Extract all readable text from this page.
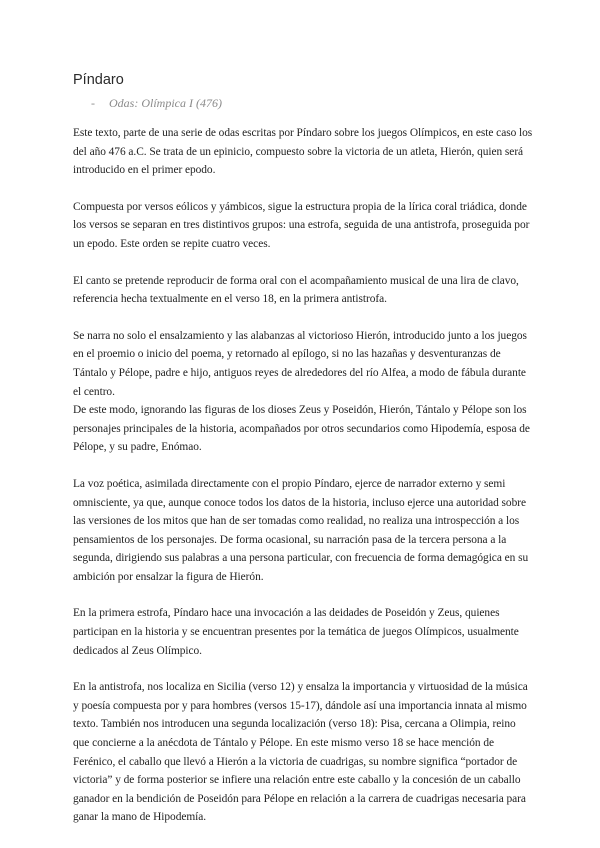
Píndaro
- Odas: Olímpica I (476)

Este texto, parte de una serie de odas escritas por Píndaro sobre los juegos Olímpicos, en este caso los del año 476 a.C. Se trata de un epinicio, compuesto sobre la victoria de un atleta, Hierón, quien será introducido en el primer epodo.

Compuesta por versos eólicos y yámbicos, sigue la estructura propia de la lírica coral triádica, donde los versos se separan en tres distintivos grupos: una estrofa, seguida de una antistrofa, proseguida por un epodo. Este orden se repite cuatro veces.

El canto se pretende reproducir de forma oral con el acompañamiento musical de una lira de clavo, referencia hecha textualmente en el verso 18, en la primera antistrofa.

Se narra no solo el ensalzamiento y las alabanzas al victorioso Hierón, introducido junto a los juegos en el proemio o inicio del poema, y retornado al epílogo, si no las hazañas y desventuranzas de Tántalo y Pélope, padre e hijo, antiguos reyes de alrededores del río Alfea, a modo de fábula durante el centro.

De este modo, ignorando las figuras de los dioses Zeus y Poseidón, Hierón, Tántalo y Pélope son los personajes principales de la historia, acompañados por otros secundarios como Hipodemía, esposa de Pélope, y su padre, Enómao.

La voz poética, asimilada directamente con el propio Píndaro, ejerce de narrador externo y semi omnisciente, ya que, aunque conoce todos los datos de la historia, incluso ejerce una autoridad sobre las versiones de los mitos que han de ser tomadas como realidad, no realiza una introspección a los pensamientos de los personajes. De forma ocasional, su narración pasa de la tercera persona a la segunda, dirigiendo sus palabras a una persona particular, con frecuencia de forma demagógica en su ambición por ensalzar la figura de Hierón.

En la primera estrofa, Píndaro hace una invocación a las deidades de Poseidón y Zeus, quienes participan en la historia y se encuentran presentes por la temática de juegos Olímpicos, usualmente dedicados al Zeus Olímpico.

En la antistrofa, nos localiza en Sicilia (verso 12) y ensalza la importancia y virtuosidad de la música y poesía compuesta por y para hombres (versos 15-17), dándole así una importancia innata al mismo texto. También nos introducen una segunda localización (verso 18): Pisa, cercana a Olimpia, reino que concierne a la anécdota de Tántalo y Pélope. En este mismo verso 18 se hace mención de Ferénico, el caballo que llevó a Hierón a la victoria de cuadrigas, su nombre significa “portador de victoria” y de forma posterior se infiere una relación entre este caballo y la concesión de un caballo ganador en la bendición de Poseidón para Pélope en relación a la carrera de cuadrigas necesaria para ganar la mano de Hipodemía.
